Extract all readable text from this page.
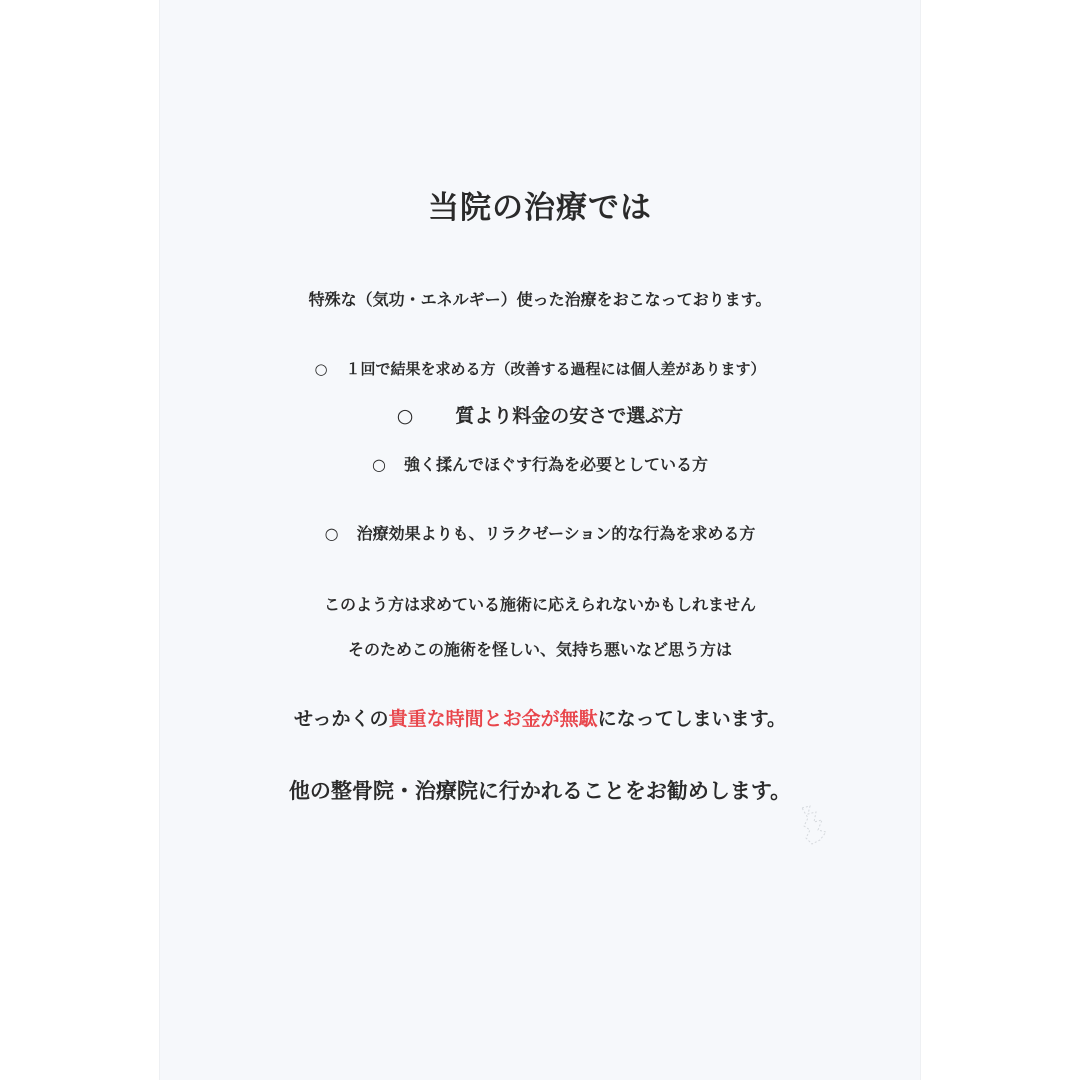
当院の治療では

特殊な（気功・エネルギー）使った治療をおこなっております。

○ １回で結果を求める方（改善する過程には個人差があります）

○ 質より料金の安さで選ぶ方

○ 強く揉んでほぐす行為を必要としている方

○ 治療効果よりも、リラクゼーション的な行為を求める方

このよう方は求めている施術に応えられないかもしれません

そのためこの施術を怪しい、気持ち悪いなど思う方は

せっかくの貴重な時間とお金が無駄になってしまいます。

他の整骨院・治療院に行かれることをお勧めします。
